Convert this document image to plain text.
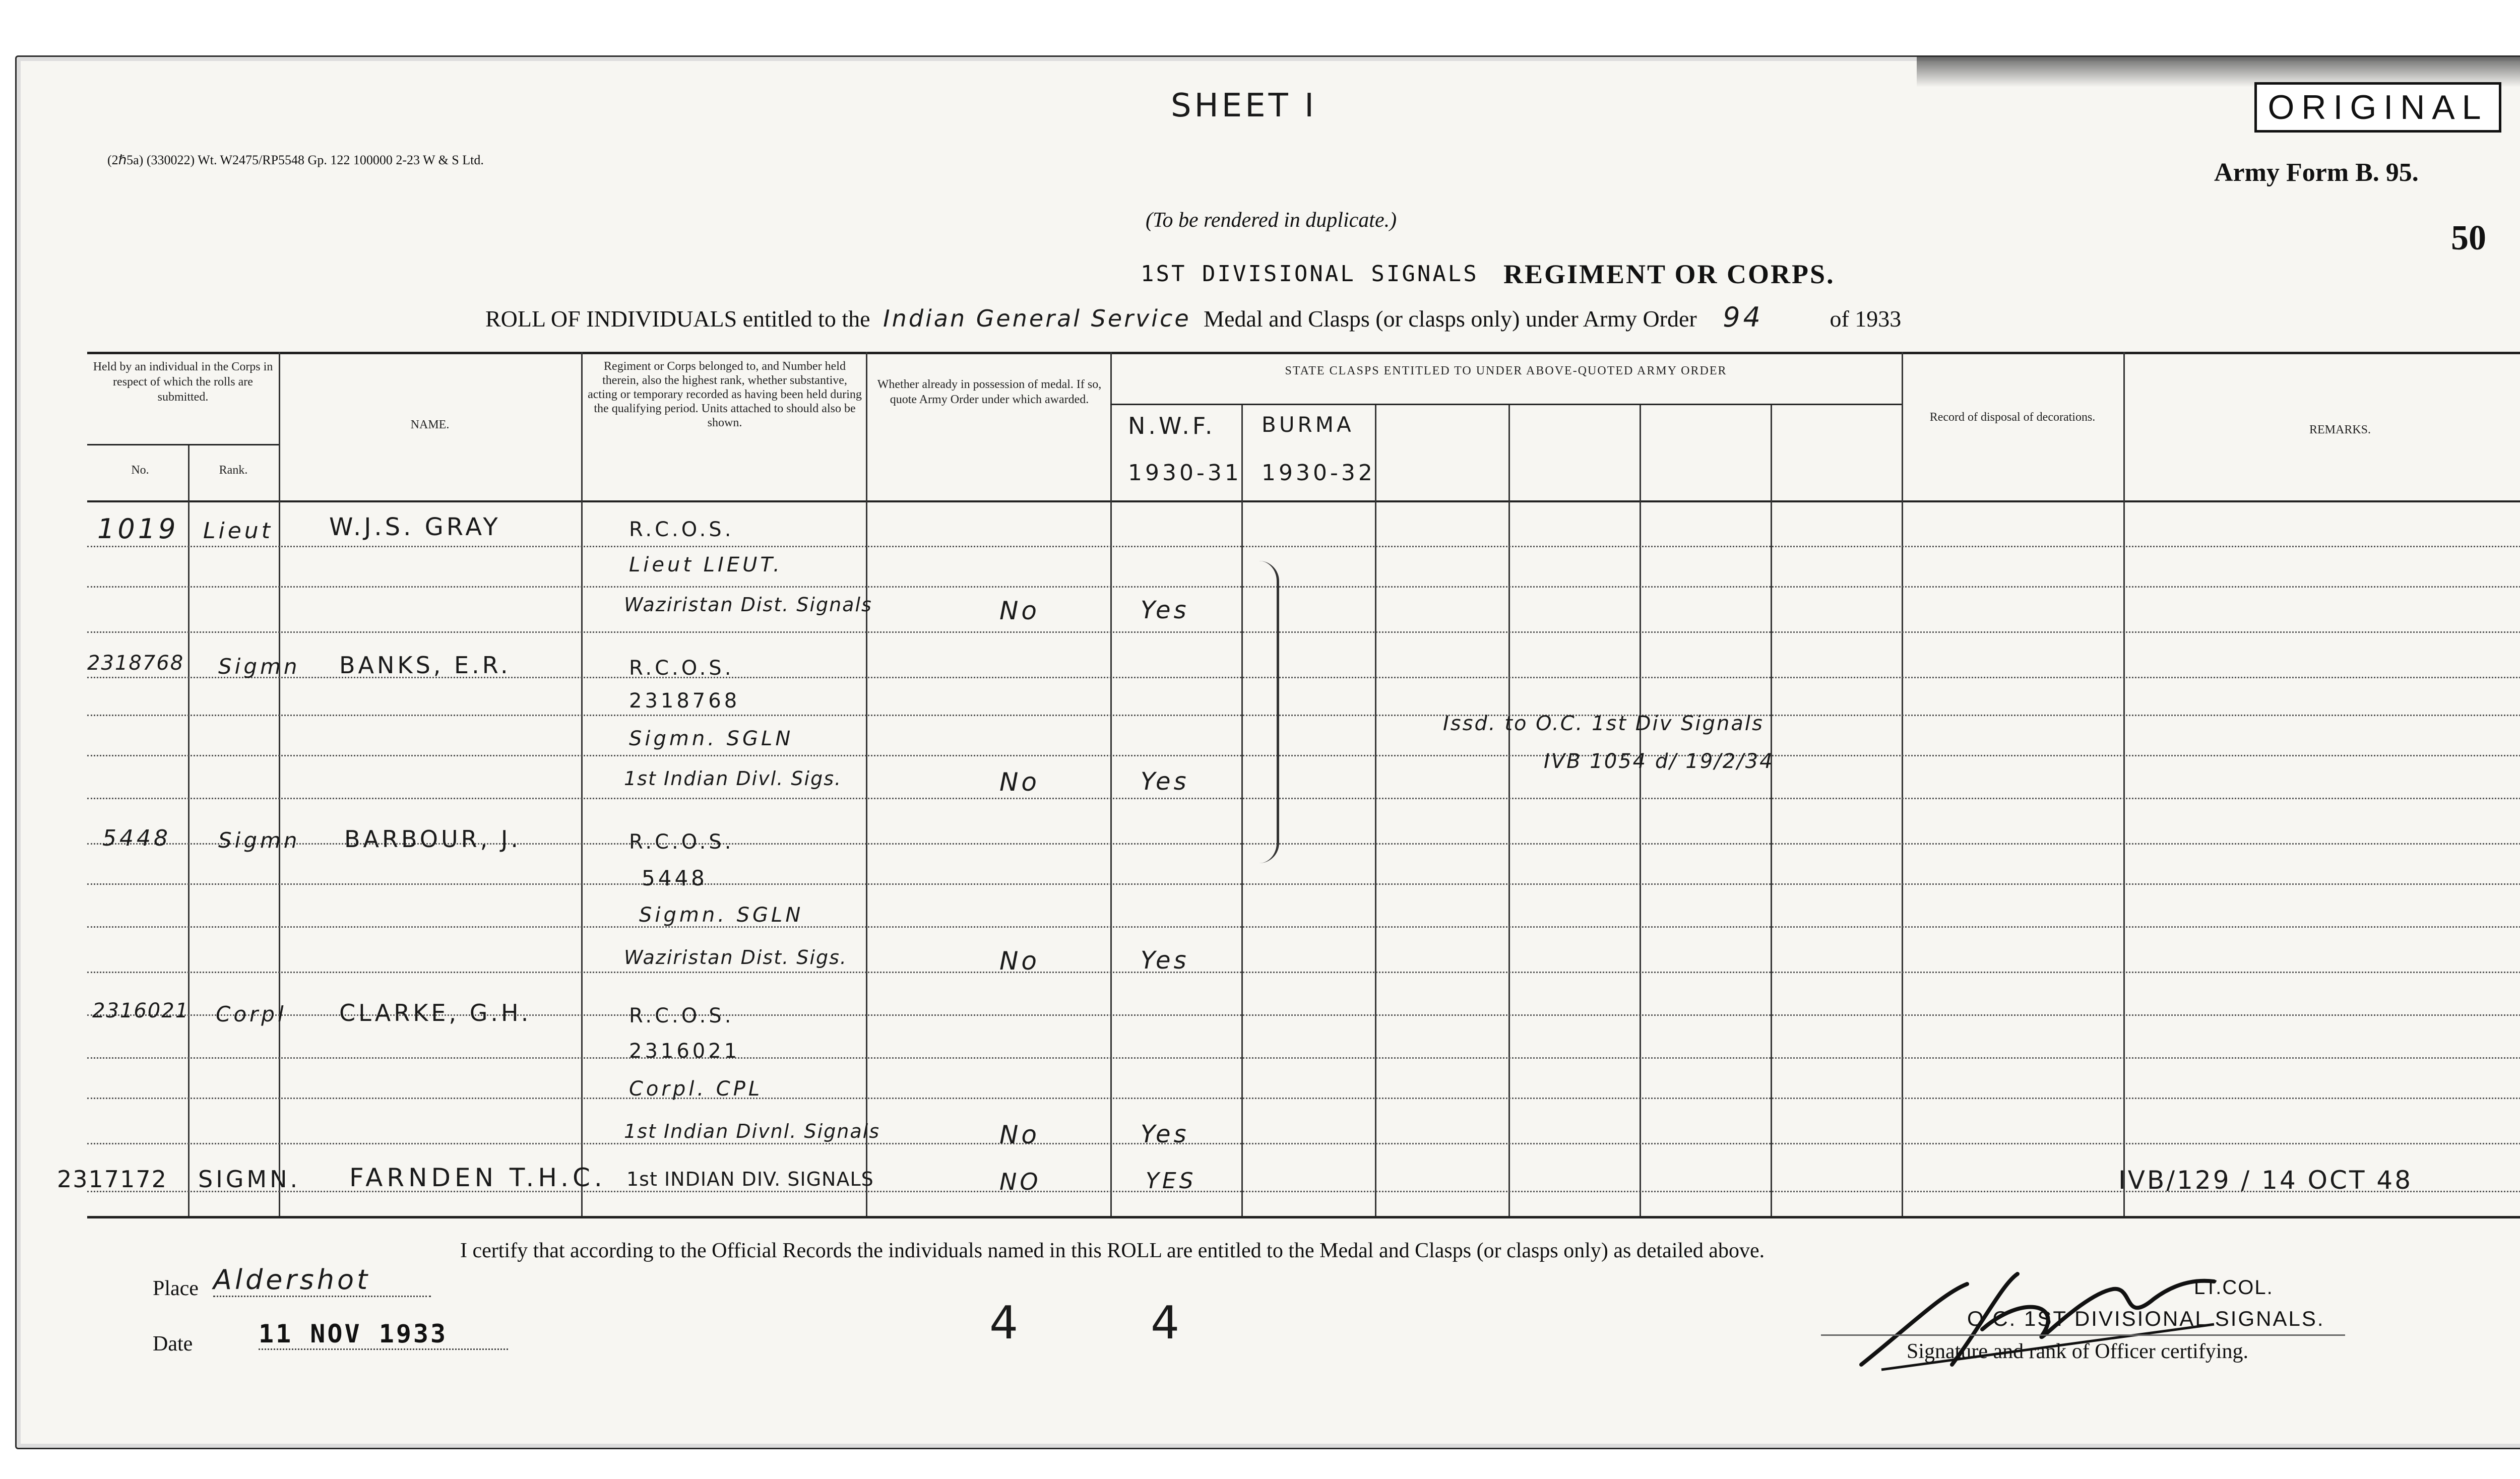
(2ℏ5a) (330022) Wt. W2475/RP5548 Gp. 122 100000 2-23 W & S Ltd.
SHEET I	ORIGINAL
Army Form B. 95.
50
(To be rendered in duplicate.)
1ST DIVISIONAL SIGNALS REGIMENT OR CORPS.
ROLL OF INDIVIDUALS entitled to the Indian General Service Medal and Clasps (or clasps only) under Army Order 94	of 1933
Held by an individual in the Corps in respect of which the rolls are submitted.
No.	Rank.
NAME.
Regiment or Corps belonged to, and Number held therein, also the highest rank, whether substantive, acting or temporary recorded as having been held during the qualifying period. Units attached to should also be shown.
Whether already in possession of medal. If so, quote Army Order under which awarded.
STATE CLASPS ENTITLED TO UNDER ABOVE-QUOTED ARMY ORDER
N.W.F.
1930-31
BURMA
1930-32
Record of disposal of decorations.
REMARKS.
1019 Lieut W.J.S. GRAY	R.C.O.S.
Lieut LIEUT.
Waziristan Dist. Signals	No	Yes
2318768 Sigmn BANKS, E.R.	R.C.O.S.
2318768
Sigmn. SGLN
1st Indian Divl. Sigs.	No	Yes
Issd. to O.C. 1st Div Signals
IVB 1054 d/ 19/2/34
5448 Sigmn BARBOUR, J.	R.C.O.S.
5448
Sigmn. SGLN
Waziristan Dist. Sigs.	No	Yes
2316021 Corpl CLARKE, G.H.	R.C.O.S.
2316021
Corpl. CPL
1st Indian Divnl. Signals	No	Yes
2317172 SIGMN. FARNDEN T.H.C. 1st INDIAN DIV. SIGNALS	NO	YES	IVB/129 / 14 OCT 48
I certify that according to the Official Records the individuals named in this ROLL are entitled to the Medal and Clasps (or clasps only) as detailed above.
Place Aldershot
Date	11 NOV 1933	4	4
LT.COL.
O.C. 1ST DIVISIONAL SIGNALS.
Signature and rank of Officer certifying.
